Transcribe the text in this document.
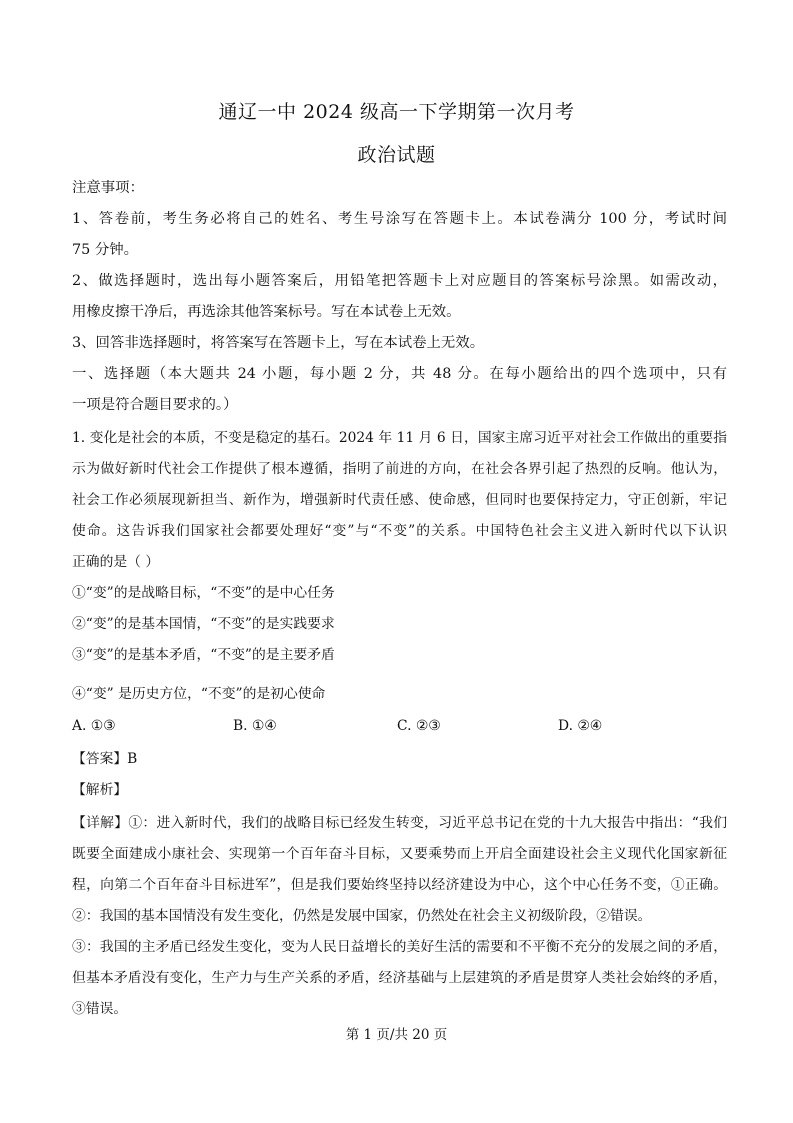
通辽一中 2024 级高一下学期第一次月考
政治试题
注意事项：
1、答卷前，考生务必将自己的姓名、考生号涂写在答题卡上。本试卷满分 100 分，考试时间
75 分钟。
2、做选择题时，选出每小题答案后，用铅笔把答题卡上对应题目的答案标号涂黑。如需改动，
用橡皮擦干净后，再选涂其他答案标号。写在本试卷上无效。
3、回答非选择题时，将答案写在答题卡上，写在本试卷上无效。
一、选择题（本大题共 24 小题，每小题 2 分，共 48 分。在每小题给出的四个选项中，只有
一项是符合题目要求的。）
1. 变化是社会的本质，不变是稳定的基石。2024 年 11 月 6 日，国家主席习近平对社会工作做出的重要指
示为做好新时代社会工作提供了根本遵循，指明了前进的方向，在社会各界引起了热烈的反响。他认为，
社会工作必须展现新担当、新作为，增强新时代责任感、使命感，但同时也要保持定力，守正创新，牢记
使命。这告诉我们国家社会都要处理好“变”与“不变”的关系。中国特色社会主义进入新时代以下认识
正确的是（ ）
①“变”的是战略目标，“不变”的是中心任务
②“变”的是基本国情，“不变”的是实践要求
③“变”的是基本矛盾，“不变”的是主要矛盾
④“变” 是历史方位，“不变”的是初心使命
A. ①③	B. ①④	C. ②③	D. ②④
【答案】B
【解析】
【详解】①：进入新时代，我们的战略目标已经发生转变，习近平总书记在党的十九大报告中指出：“我们
既要全面建成小康社会、实现第一个百年奋斗目标，又要乘势而上开启全面建设社会主义现代化国家新征
程，向第二个百年奋斗目标进军”，但是我们要始终坚持以经济建设为中心，这个中心任务不变，①正确。
②：我国的基本国情没有发生变化，仍然是发展中国家，仍然处在社会主义初级阶段，②错误。
③：我国的主矛盾已经发生变化，变为人民日益增长的美好生活的需要和不平衡不充分的发展之间的矛盾，
但基本矛盾没有变化，生产力与生产关系的矛盾，经济基础与上层建筑的矛盾是贯穿人类社会始终的矛盾，
③错误。
第 1 页/共 20 页
